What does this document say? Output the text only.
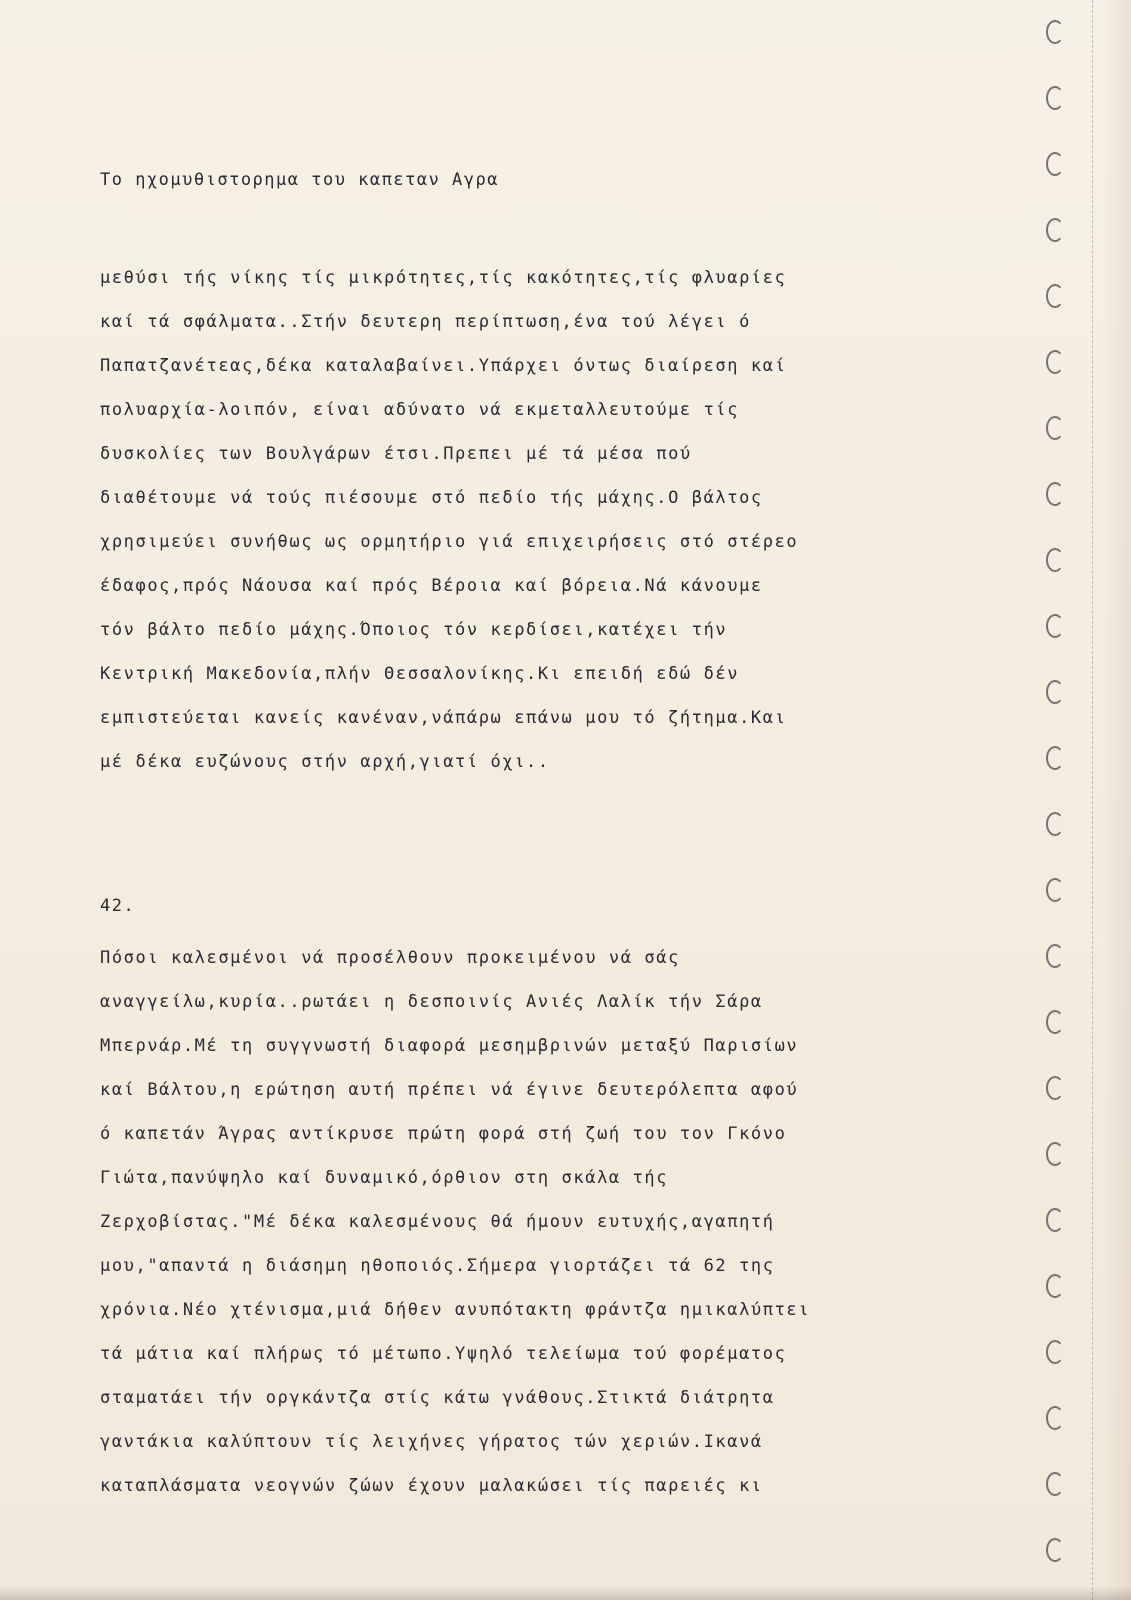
Το ηχομυθιστορημα του καπεταν Αγρα
μεθύσι τής νίκης τίς μικρότητες,τίς κακότητες,τίς φλυαρίες
καί τά σφάλματα..Στήν δευτερη περίπτωση,ένα τού λέγει ό
Παπατζανέτεας,δέκα καταλαβαίνει.Υπάρχει όντως διαίρεση καί
πολυαρχία-λοιπόν, είναι αδύνατο νά εκμεταλλευτούμε τίς
δυσκολίες των Βουλγάρων έτσι.Πρεπει μέ τά μέσα πού
διαθέτουμε νά τούς πιέσουμε στό πεδίο τής μάχης.Ο βάλτος
χρησιμεύει συνήθως ως ορμητήριο γιά επιχειρήσεις στό στέρεο
έδαφος,πρός Νάουσα καί πρός Βέροια καί βόρεια.Νά κάνουμε
τόν βάλτο πεδίο μάχης.Όποιος τόν κερδίσει,κατέχει τήν
Κεντρική Μακεδονία,πλήν Θεσσαλονίκης.Κι επειδή εδώ δέν
εμπιστεύεται κανείς κανέναν,νάπάρω επάνω μου τό ζήτημα.Και
μέ δέκα ευζώνους στήν αρχή,γιατί όχι..
42.
Πόσοι καλεσμένοι νά προσέλθουν προκειμένου νά σάς
αναγγείλω,κυρία..ρωτάει η δεσποινίς Ανιές Λαλίκ τήν Σάρα
Μπερνάρ.Μέ τη συγγνωστή διαφορά μεσημβρινών μεταξύ Παρισίων
καί Βάλτου,η ερώτηση αυτή πρέπει νά έγινε δευτερόλεπτα αφού
ό καπετάν Άγρας αντίκρυσε πρώτη φορά στή ζωή του τον Γκόνο
Γιώτα,πανύψηλο καί δυναμικό,όρθιον στη σκάλα τής
Ζερχοβίστας."Μέ δέκα καλεσμένους θά ήμουν ευτυχής,αγαπητή
μου,"απαντά η διάσημη ηθοποιός.Σήμερα γιορτάζει τά 62 της
χρόνια.Νέο χτένισμα,μιά δήθεν ανυπότακτη φράντζα ημικαλύπτει
τά μάτια καί πλήρως τό μέτωπο.Υψηλό τελείωμα τού φορέματος
σταματάει τήν οργκάντζα στίς κάτω γνάθους.Στικτά διάτρητα
γαντάκια καλύπτουν τίς λειχήνες γήρατος τών χεριών.Ικανά
καταπλάσματα νεογνών ζώων έχουν μαλακώσει τίς παρειές κι
